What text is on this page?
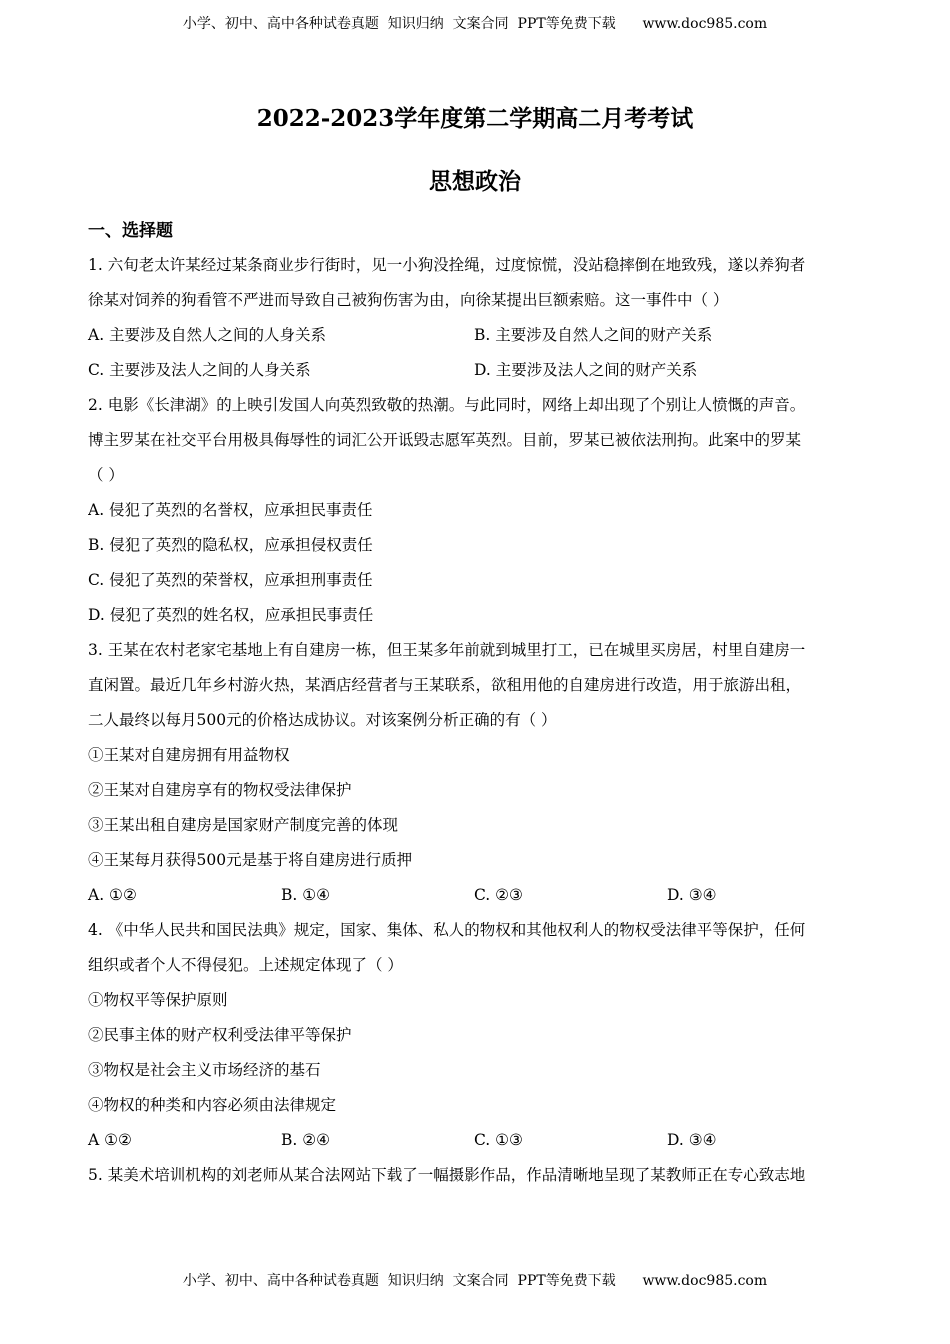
小学、初中、高中各种试卷真题  知识归纳  文案合同  PPT等免费下载      www.doc985.com
2022-2023学年度第二学期高二月考考试
思想政治
一、选择题
1. 六旬老太许某经过某条商业步行街时，见一小狗没拴绳，过度惊慌，没站稳摔倒在地致残，遂以养狗者
徐某对饲养的狗看管不严进而导致自己被狗伤害为由，向徐某提出巨额索赔。这一事件中（ ）
A. 主要涉及自然人之间的人身关系	B. 主要涉及自然人之间的财产关系
C. 主要涉及法人之间的人身关系	D. 主要涉及法人之间的财产关系
2. 电影《长津湖》的上映引发国人向英烈致敬的热潮。与此同时，网络上却出现了个别让人愤慨的声音。
博主罗某在社交平台用极具侮辱性的词汇公开诋毁志愿军英烈。目前，罗某已被依法刑拘。此案中的罗某
（ ）
A. 侵犯了英烈的名誉权，应承担民事责任
B. 侵犯了英烈的隐私权，应承担侵权责任
C. 侵犯了英烈的荣誉权，应承担刑事责任
D. 侵犯了英烈的姓名权，应承担民事责任
3. 王某在农村老家宅基地上有自建房一栋，但王某多年前就到城里打工，已在城里买房居，村里自建房一
直闲置。最近几年乡村游火热，某酒店经营者与王某联系，欲租用他的自建房进行改造，用于旅游出租，
二人最终以每月500元的价格达成协议。对该案例分析正确的有（ ）
①王某对自建房拥有用益物权
②王某对自建房享有的物权受法律保护
③王某出租自建房是国家财产制度完善的体现
④王某每月获得500元是基于将自建房进行质押
A. ①②	B. ①④	C. ②③	D. ③④
4. 《中华人民共和国民法典》规定，国家、集体、私人的物权和其他权利人的物权受法律平等保护，任何
组织或者个人不得侵犯。上述规定体现了（ ）
①物权平等保护原则
②民事主体的财产权利受法律平等保护
③物权是社会主义市场经济的基石
④物权的种类和内容必须由法律规定
A ①②	B. ②④	C. ①③	D. ③④
5. 某美术培训机构的刘老师从某合法网站下载了一幅摄影作品，作品清晰地呈现了某教师正在专心致志地
小学、初中、高中各种试卷真题  知识归纳  文案合同  PPT等免费下载      www.doc985.com
